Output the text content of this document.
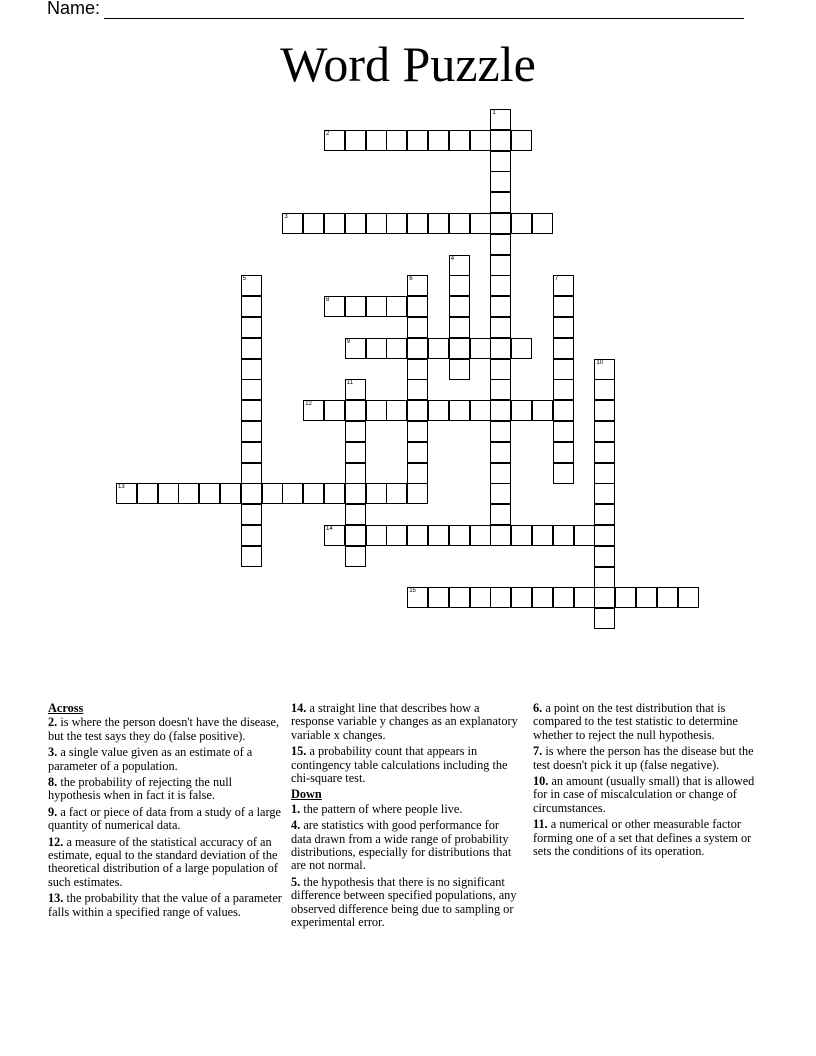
Name:
Word Puzzle
1
2
3
4
5	6	7
8
9
10
11
12
13
14
15
Across
2. is where the person doesn't have the disease, but the test says they do (false positive).
3. a single value given as an estimate of a parameter of a population.
8. the probability of rejecting the null hypothesis when in fact it is false.
9. a fact or piece of data from a study of a large quantity of numerical data.
12. a measure of the statistical accuracy of an estimate, equal to the standard deviation of the theoretical distribution of a large population of such estimates.
13. the probability that the value of a parameter falls within a specified range of values.
14. a straight line that describes how a response variable y changes as an explanatory variable x changes.
15. a probability count that appears in contingency table calculations including the chi-square test.
Down
1. the pattern of where people live.
4. are statistics with good performance for data drawn from a wide range of probability distributions, especially for distributions that are not normal.
5. the hypothesis that there is no significant difference between specified populations, any observed difference being due to sampling or experimental error.
6. a point on the test distribution that is compared to the test statistic to determine whether to reject the null hypothesis.
7. is where the person has the disease but the test doesn't pick it up (false negative).
10. an amount (usually small) that is allowed for in case of miscalculation or change of circumstances.
11. a numerical or other measurable factor forming one of a set that defines a system or sets the conditions of its operation.
